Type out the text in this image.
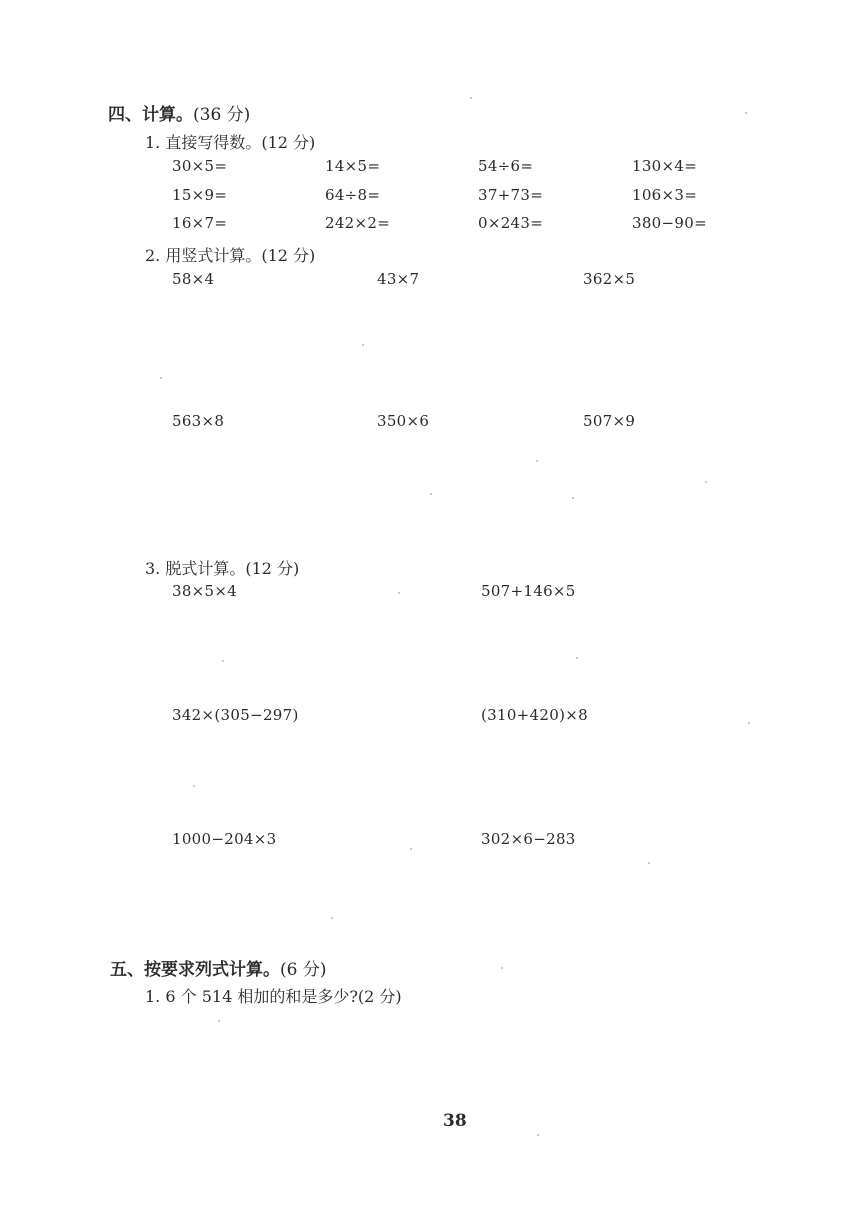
四、计算。(36 分)
1. 直接写得数。(12 分)
30×5=	14×5=	54÷6=	130×4=
15×9=	64÷8=	37+73=	106×3=
16×7=	242×2=	0×243=	380−90=
2. 用竖式计算。(12 分)
58×4	43×7	362×5
563×8	350×6	507×9
3. 脱式计算。(12 分)
38×5×4	507+146×5
342×(305−297)	(310+420)×8
1000−204×3	302×6−283
五、按要求列式计算。(6 分)
1. 6 个 514 相加的和是多少?(2 分)
38
